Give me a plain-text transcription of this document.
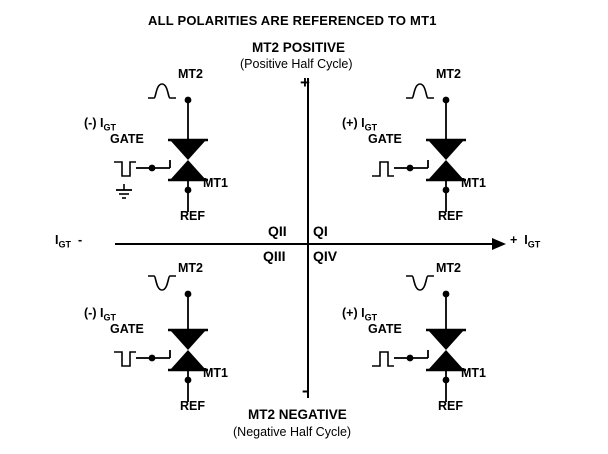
ALL POLARITIES ARE REFERENCED TO MT1
MT2 POSITIVE
(Positive Half Cycle)
+
-
MT2 NEGATIVE
(Negative Half Cycle)
$I_{GT}$ -	+ $I_{GT}$
QII QI
QIII QIV
MT2
MT1
REF
(-) $I_{GT}$
GATE
MT2
MT1
REF
(+) $I_{GT}$
GATE
MT2
MT1
REF
(-) $I_{GT}$
GATE
MT2
MT1
REF
(+) $I_{GT}$
GATE
